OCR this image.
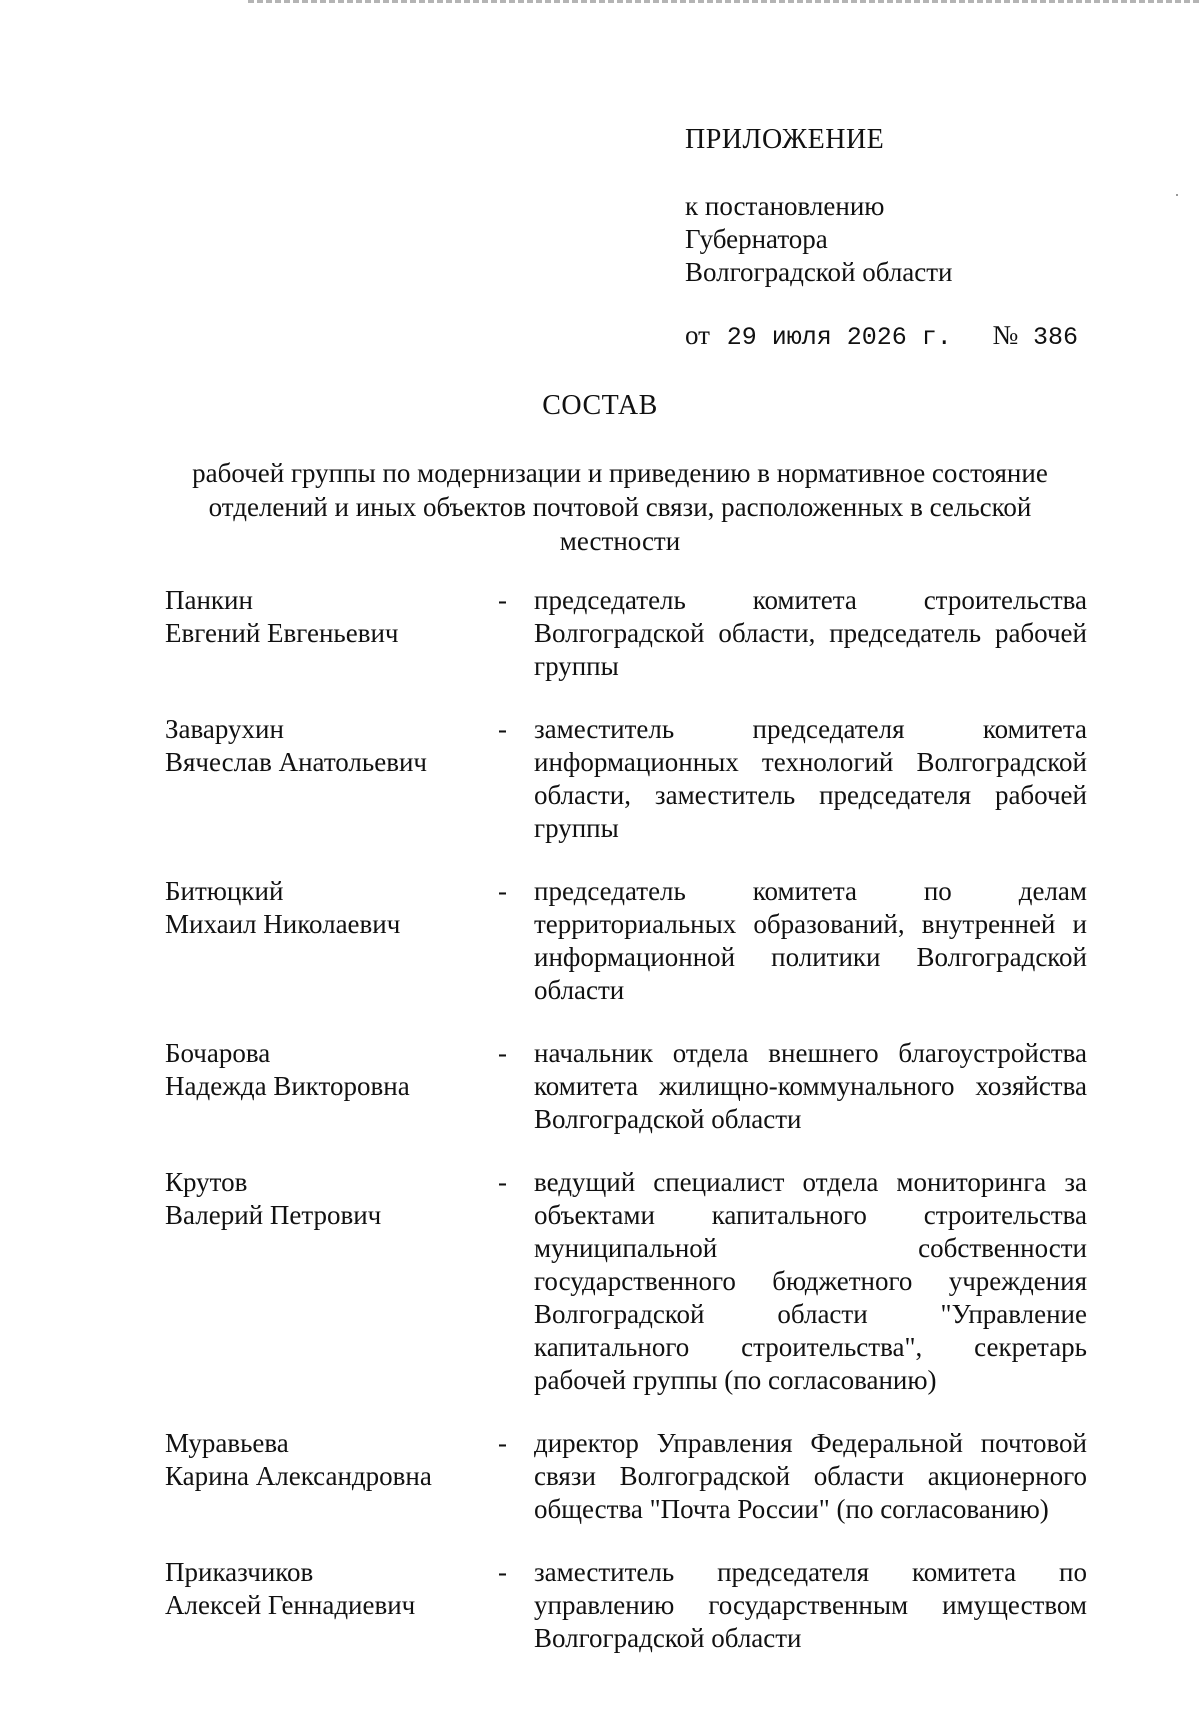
ПРИЛОЖЕНИЕ
к постановлению
Губернатора
Волгоградской области
от 29 июля 2026 г. № 386
СОСТАВ
рабочей группы по модернизации и приведению в нормативное состояние отделений и иных объектов почтовой связи, расположенных в сельской местности
Панкин
Евгений Евгеньевич
- председатель комитета строительства Волгоградской области, председатель рабочей группы
Заварухин
Вячеслав Анатольевич
- заместитель председателя комитета информационных технологий Волгоградской области, заместитель председателя рабочей группы
Битюцкий
Михаил Николаевич
- председатель комитета по делам территориальных образований, внутренней и информационной политики Волгоградской области
Бочарова
Надежда Викторовна
- начальник отдела внешнего благоустройства комитета жилищно-коммунального хозяйства Волгоградской области
Крутов
Валерий Петрович
- ведущий специалист отдела мониторинга за объектами капитального строительства муниципальной собственности государственного бюджетного учреждения Волгоградской области "Управление капитального строительства", секретарь рабочей группы (по согласованию)
Муравьева
Карина Александровна
- директор Управления Федеральной почтовой связи Волгоградской области акционерного общества "Почта России" (по согласованию)
Приказчиков
Алексей Геннадиевич
- заместитель председателя комитета по управлению государственным имуществом Волгоградской области
